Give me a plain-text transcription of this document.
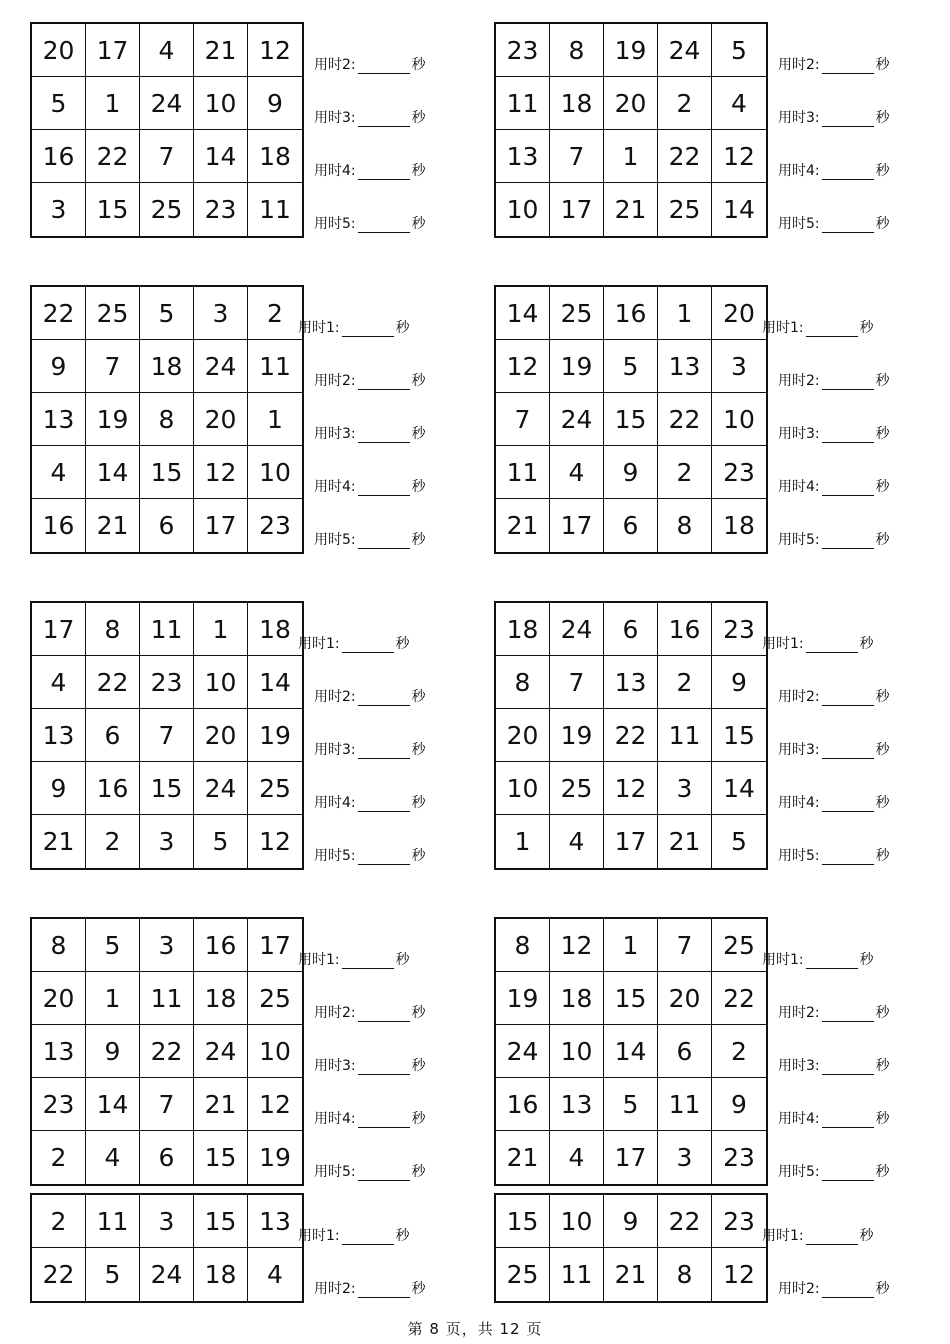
20 17	4	21 12
5	1	24 10	9
16 22	7	14 18
3	15 25 23 11
用时2:	秒
用时3:	秒
用时4:	秒
用时5:	秒
23	8	19 24	5
11 18 20	2	4
13	7	1	22 12
10 17 21 25 14
用时2:	秒
用时3:	秒
用时4:	秒
用时5:	秒
22 25	5	3	2
9	7	18 24 11
13 19	8	20	1
4	14 15 12 10
16 21	6	17 23
用时1:	秒
用时2:	秒
用时3:	秒
用时4:	秒
用时5:	秒
14 25 16	1	20
12 19	5	13	3
7	24 15 22 10
11	4	9	2	23
21 17	6	8	18
用时1:	秒
用时2:	秒
用时3:	秒
用时4:	秒
用时5:	秒
17	8	11	1	18
4	22 23 10 14
13	6	7	20 19
9	16 15 24 25
21	2	3	5	12
用时1:	秒
用时2:	秒
用时3:	秒
用时4:	秒
用时5:	秒
18 24	6	16 23
8	7	13	2	9
20 19 22 11 15
10 25 12	3	14
1	4	17 21	5
用时1:	秒
用时2:	秒
用时3:	秒
用时4:	秒
用时5:	秒
8	5	3	16 17
20	1	11 18 25
13	9	22 24 10
23 14	7	21 12
2	4	6	15 19
用时1:	秒
用时2:	秒
用时3:	秒
用时4:	秒
用时5:	秒
8	12	1	7	25
19 18 15 20 22
24 10 14	6	2
16 13	5	11	9
21	4	17	3	23
用时1:	秒
用时2:	秒
用时3:	秒
用时4:	秒
用时5:	秒
2	11	3	15 13
22	5	24 18	4
用时1:	秒
用时2:	秒
15 10	9	22 23
25 11 21	8	12
用时1:	秒
用时2:	秒
第 8 页，共 12 页
